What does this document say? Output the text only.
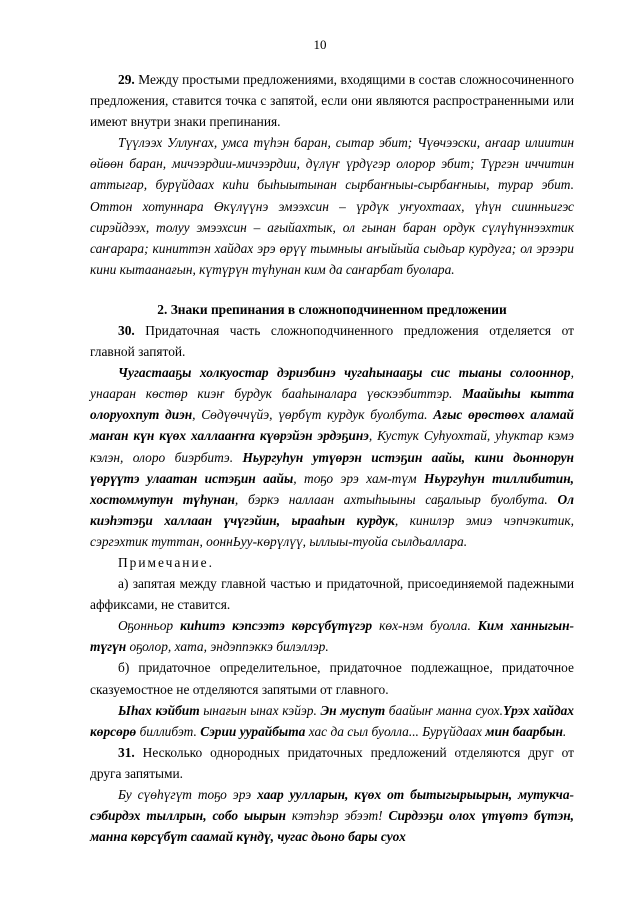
10

29. Между простыми предложениями, входящими в состав сложносочиненного предложения, ставится точка с запятой, если они являются распространенными или имеют внутри знаки препинания.

Түүлээх Уллуҥах, умса түһэн баран, сытар эбит; Чүөчээски, аҥаар илиитин өйөөн баран, мичээрдии-мичээрдии, дүлүҥ үрдүгэр олорор эбит; Түргэн иччитин аттыгар, бурүйдаах киһи быһыытынан сырбаҥныы-сырбаҥныы, турар эбит. Оттон хотуннара Өкүлүүнэ эмээхсин – үрдүк уҥуохтаах, үһүн сиинньигэс сирэйдээх, толуу эмээхсин – ағыйахтык, ол гынан баран ордук сүлүһүннээхтик саҥарара; киниттэн хайдах эрэ өрүү тымныы аҥыйыйа сыдьар курдуга; ол эрээри кини кытаанағын, күтүрүн түһунан ким да саҥарбат буолара.

2. Знаки препинания в сложноподчиненном предложении

30. Придаточная часть сложноподчиненного предложения отделяется от главной запятой.

Чугастааҕы холкуостар дэриэбинэ чугаһынааҕы сис тыаны солооннор, унааран көстөр киэҥ бурдук бааһыналара үөскээбиттэр. Маайыһы кытта олоруохпут диэн, Сөдүөччүйэ, үөрбүт курдук буолбута. Ағыс өрөстөөх аламай маҥан күн күөх халлааҥҥа күөрэйэн эрдэҕинэ, Кустук Суһуохтай, уһуктар кэмэ кэлэн, олоро биэрбитэ. Ньургуһун утүөрэн истэҕин аайы, кини дьоннорун үөрүүтэ улаатан истэҕин аайы, тоҕо эрэ хам-түм Ньургуһун тиллибитин, хостоммутун түһунан, бэркэ наллаан ахтыһыыны саҕалыыр буолбута. Ол киэһэтэҕи халлаан үчүгэйин, ырааһын курдук, кинилэр эмиэ чэпчэкитик, сэргэхтик туттан, ооннЬуу-көрүлүү, ыллыы-туойа сылдьаллара.

Примечание.

а) запятая между главной частью и придаточной, присоединяемой падежными аффиксами, не ставится.

Оҕонньор киһитэ кэпсээтэ көрсүбүтүгэр көх-нэм буолла. Ким ханныгын-түгүн оҕолор, хата, эндэппэккэ билэллэр.

б) придаточное определительное, придаточное подлежащное, придаточное сказуемостное не отделяются запятыми от главного.

Ыһах кэйбит ынағын ынах кэйэр. Эн муспут баайыҥ манна суох.Үрэх хайдах көрсөрө биллибэт. Сэрии уурайбыта хас да сыл буолла... Бурүйдаах мин баарбын.

31. Несколько однородных придаточных предложений отделяются друг от друга запятыми.

Бу сүөһүгүт тоҕо эрэ хаар уулларын, күөх от бытыгырыырын, мутукча-сэбирдэх тыллрын, собо ыырын кэтэһэр эбээт! Сирдээҕи олох үтүөтэ бүтэн, манна көрсүбүт саамай күндү, чугас дьоно бары суох
